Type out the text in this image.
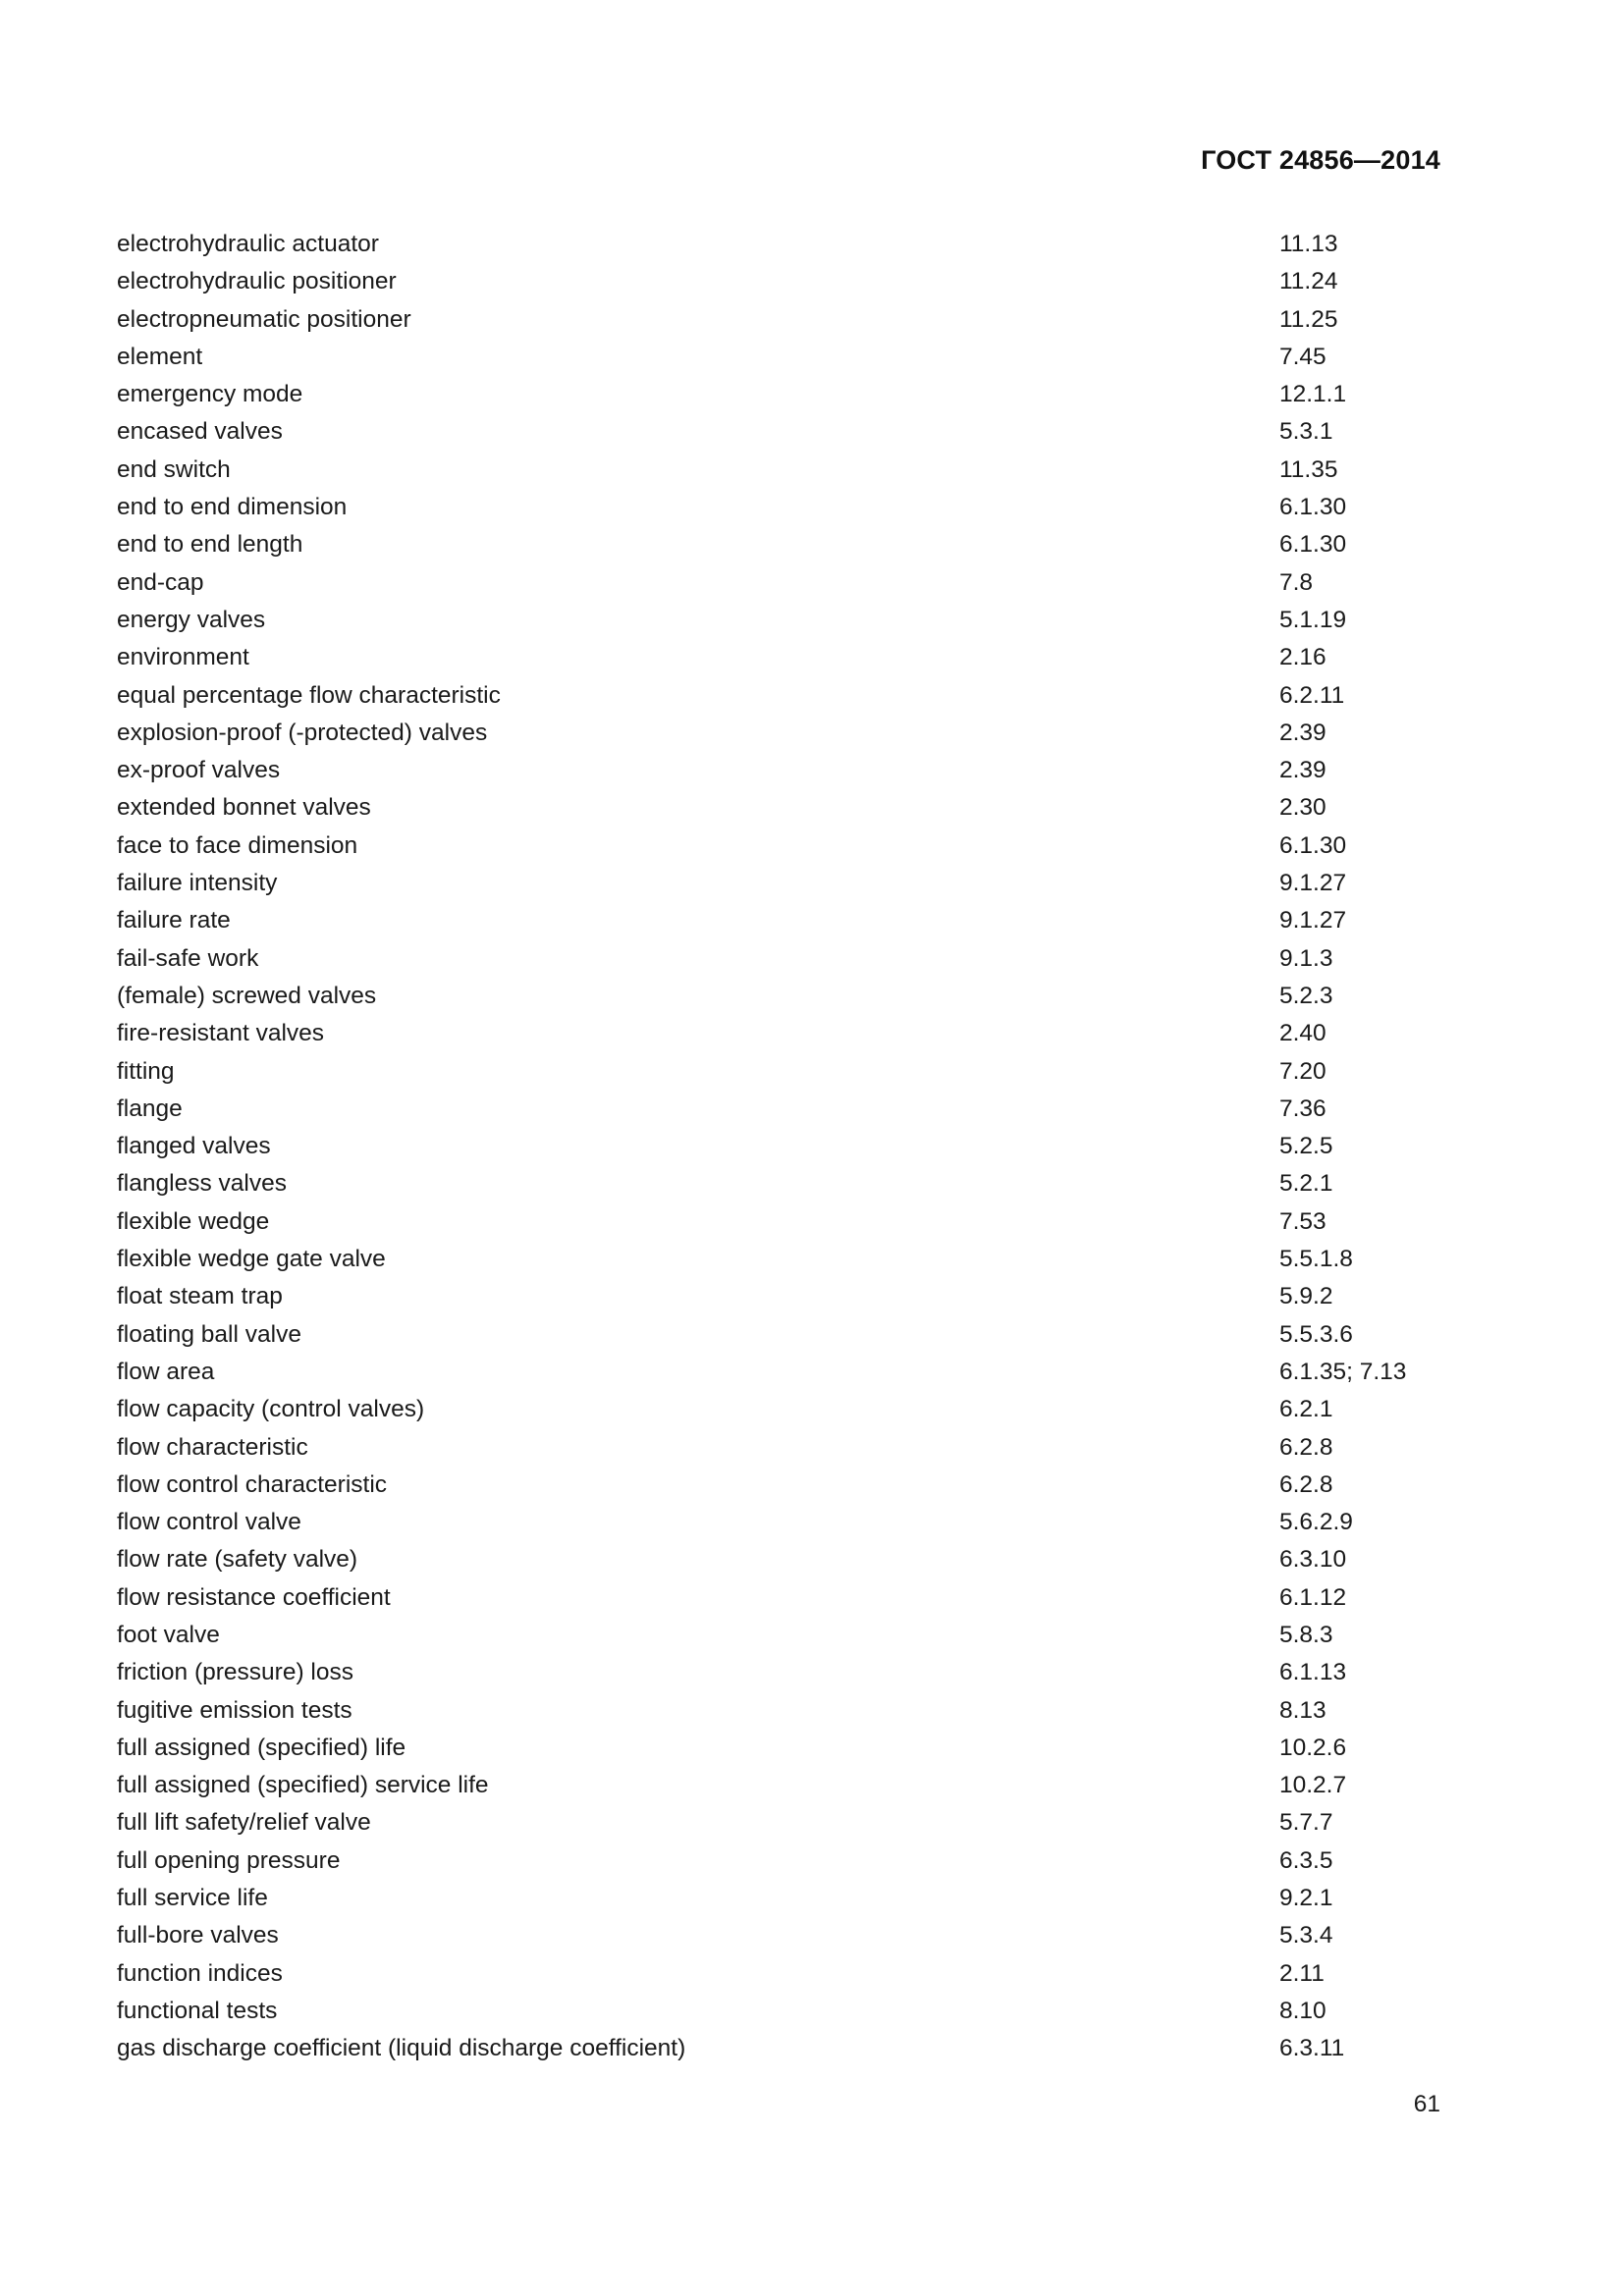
ГОСТ 24856—2014
electrohydraulic actuator	11.13
electrohydraulic positioner	11.24
electropneumatic positioner	11.25
element	7.45
emergency mode	12.1.1
encased valves	5.3.1
end switch	11.35
end to end dimension	6.1.30
end to end length	6.1.30
end-cap	7.8
energy valves	5.1.19
environment	2.16
equal percentage flow characteristic	6.2.11
explosion-proof (-protected) valves	2.39
ex-proof valves	2.39
extended bonnet valves	2.30
face to face dimension	6.1.30
failure intensity	9.1.27
failure rate	9.1.27
fail-safe work	9.1.3
(female) screwed valves	5.2.3
fire-resistant valves	2.40
fitting	7.20
flange	7.36
flanged valves	5.2.5
flangless valves	5.2.1
flexible wedge	7.53
flexible wedge gate valve	5.5.1.8
float steam trap	5.9.2
floating ball valve	5.5.3.6
flow area	6.1.35; 7.13
flow capacity (control valves)	6.2.1
flow characteristic	6.2.8
flow control characteristic	6.2.8
flow control valve	5.6.2.9
flow rate (safety valve)	6.3.10
flow resistance coefficient	6.1.12
foot valve	5.8.3
friction (pressure) loss	6.1.13
fugitive emission tests	8.13
full assigned (specified) life	10.2.6
full assigned (specified) service life	10.2.7
full lift safety/relief valve	5.7.7
full opening pressure	6.3.5
full service life	9.2.1
full-bore valves	5.3.4
function indices	2.11
functional tests	8.10
gas discharge coefficient (liquid discharge coefficient)	6.3.11
61
